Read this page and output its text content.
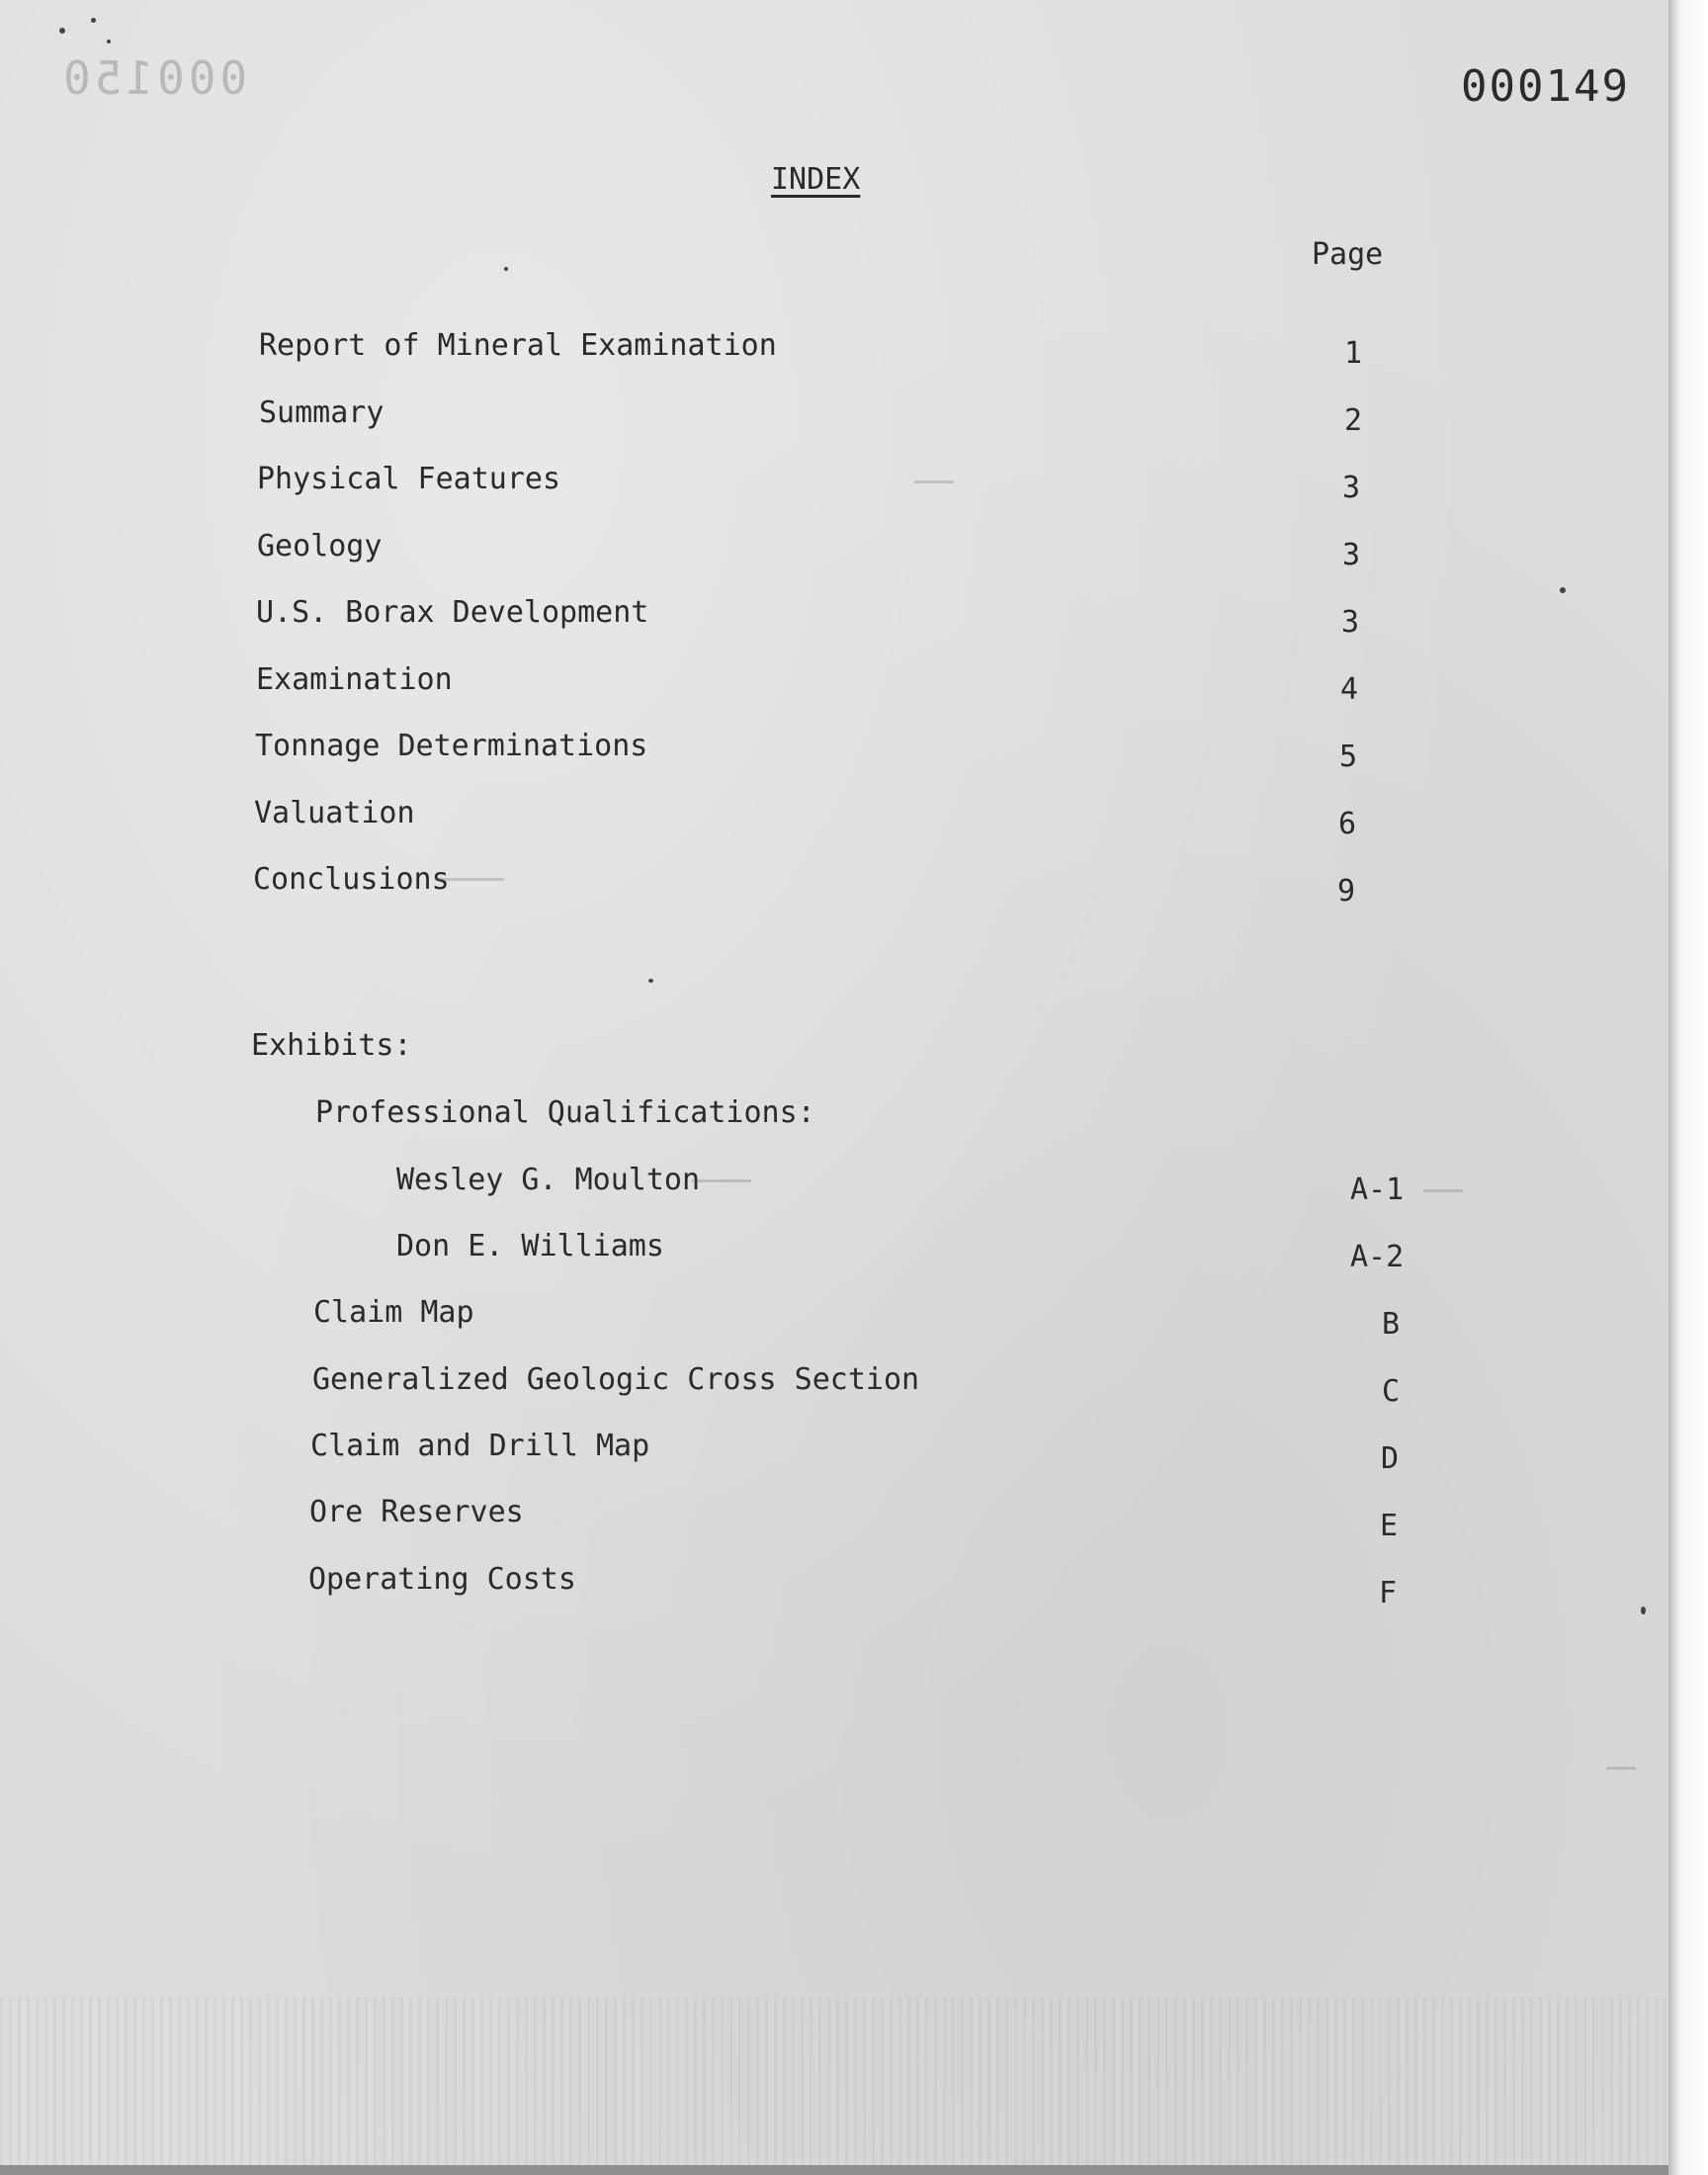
000150	000149
INDEX
Page
Report of Mineral Examination	1
Summary	2
Physical Features	3
Geology	3
U.S. Borax Development	3
Examination	4
Tonnage Determinations	5
Valuation	6
Conclusions	9
Exhibits:
Professional Qualifications:
Wesley G. Moulton	A-1
Don E. Williams	A-2
Claim Map	B
Generalized Geologic Cross Section	C
Claim and Drill Map	D
Ore Reserves	E
Operating Costs	F
